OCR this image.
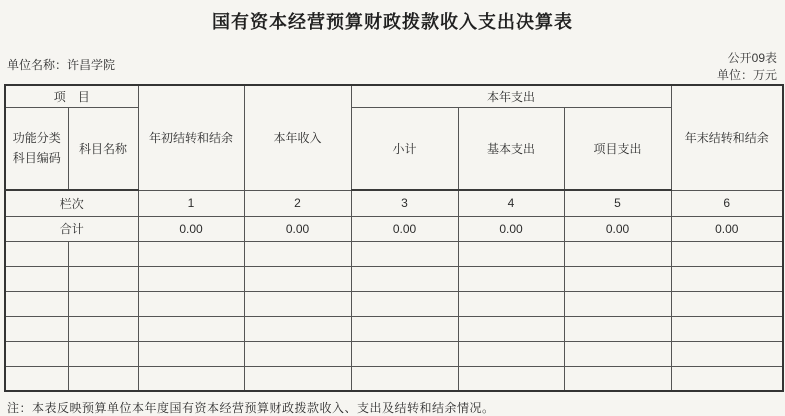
国有资本经营预算财政拨款收入支出决算表
单位名称：许昌学院	公开09表
单位：万元
项　目		年初结转和结余	本年收入	本年支出			年末结转和结余
功能分类科目编码	科目名称			小计	基本支出	项目支出	
栏次		1	2	3	4	5	6
合计		0.00	0.00	0.00	0.00	0.00	0.00

注：本表反映预算单位本年度国有资本经营预算财政拨款收入、支出及结转和结余情况。
